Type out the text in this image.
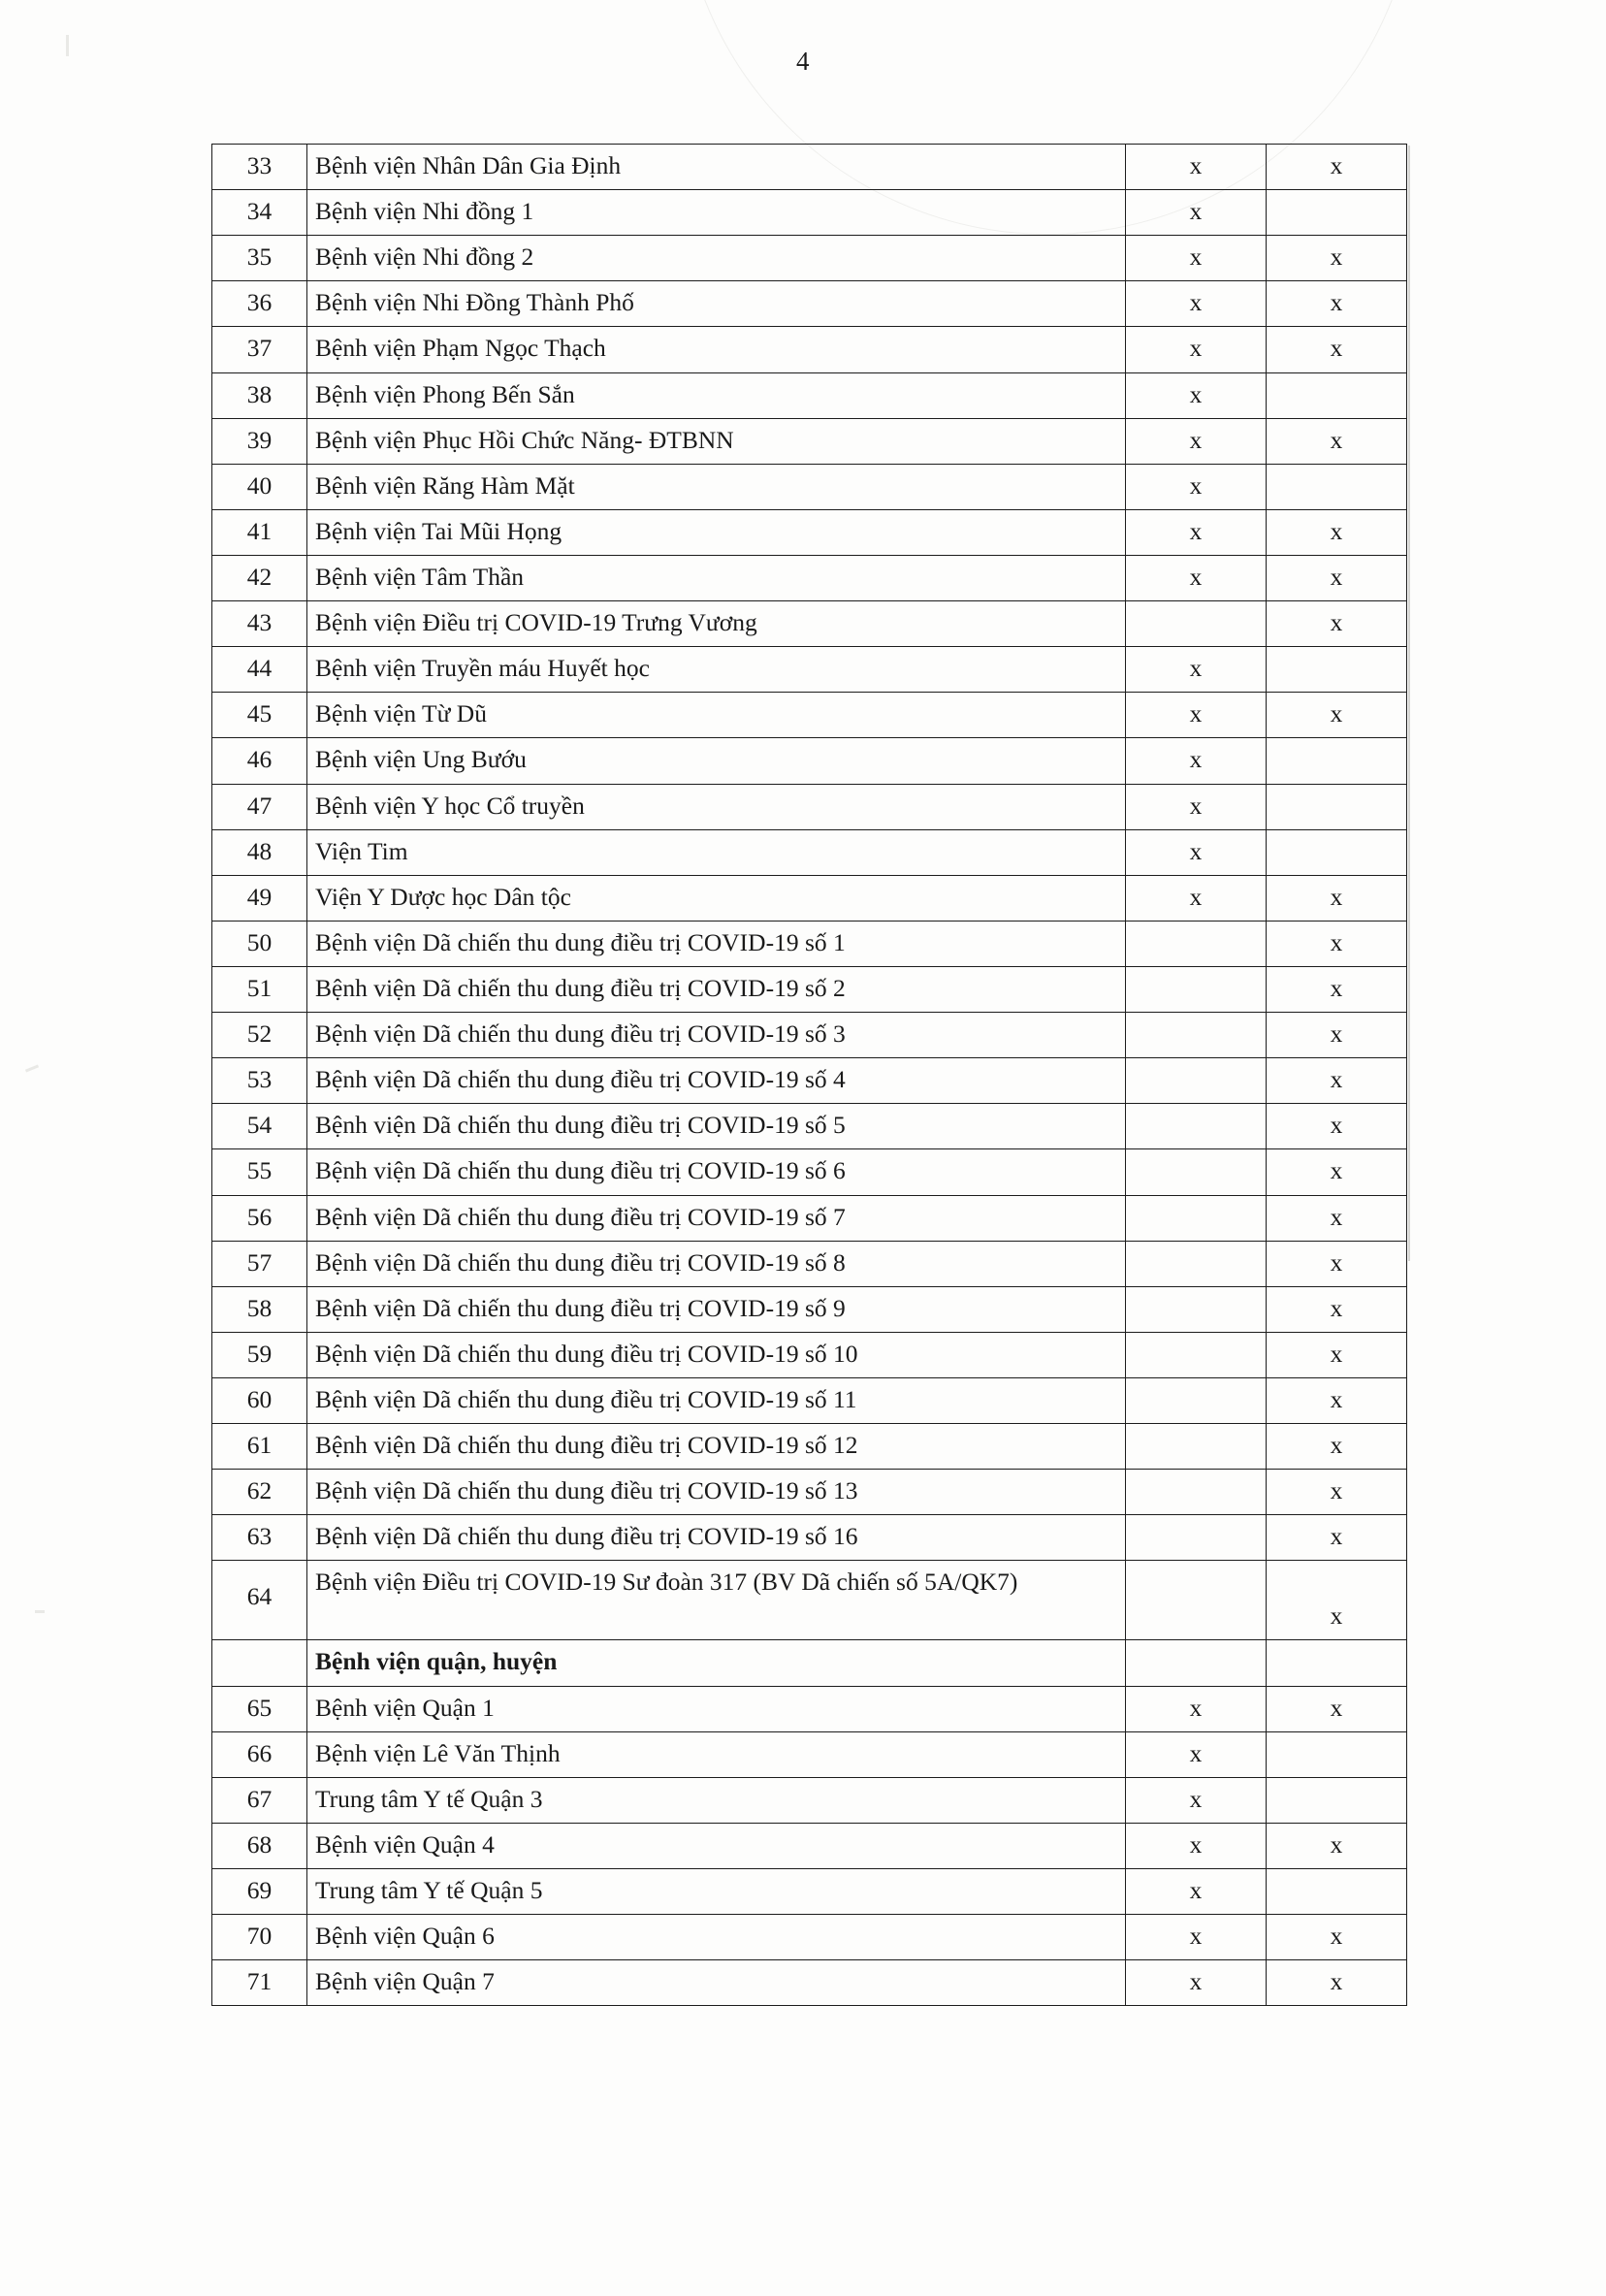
4
33	Bệnh viện Nhân Dân Gia Định	x	x
34	Bệnh viện Nhi đồng 1	x	
35	Bệnh viện Nhi đồng 2	x	x
36	Bệnh viện Nhi Đồng Thành Phố	x	x
37	Bệnh viện Phạm Ngọc Thạch	x	x
38	Bệnh viện Phong Bến Sắn	x	
39	Bệnh viện Phục Hồi Chức Năng- ĐTBNN	x	x
40	Bệnh viện Răng Hàm Mặt	x	
41	Bệnh viện Tai Mũi Họng	x	x
42	Bệnh viện Tâm Thần	x	x
43	Bệnh viện Điều trị COVID-19 Trưng Vương		x
44	Bệnh viện Truyền máu Huyết học	x	
45	Bệnh viện Từ Dũ	x	x
46	Bệnh viện Ung Bướu	x	
47	Bệnh viện Y học Cổ truyền	x	
48	Viện Tim	x	
49	Viện Y Dược học Dân tộc	x	x
50	Bệnh viện Dã chiến thu dung điều trị COVID-19 số 1		x
51	Bệnh viện Dã chiến thu dung điều trị COVID-19 số 2		x
52	Bệnh viện Dã chiến thu dung điều trị COVID-19 số 3		x
53	Bệnh viện Dã chiến thu dung điều trị COVID-19 số 4		x
54	Bệnh viện Dã chiến thu dung điều trị COVID-19 số 5		x
55	Bệnh viện Dã chiến thu dung điều trị COVID-19 số 6		x
56	Bệnh viện Dã chiến thu dung điều trị COVID-19 số 7		x
57	Bệnh viện Dã chiến thu dung điều trị COVID-19 số 8		x
58	Bệnh viện Dã chiến thu dung điều trị COVID-19 số 9		x
59	Bệnh viện Dã chiến thu dung điều trị COVID-19 số 10		x
60	Bệnh viện Dã chiến thu dung điều trị COVID-19 số 11		x
61	Bệnh viện Dã chiến thu dung điều trị COVID-19 số 12		x
62	Bệnh viện Dã chiến thu dung điều trị COVID-19 số 13		x
63	Bệnh viện Dã chiến thu dung điều trị COVID-19 số 16		x
64	Bệnh viện Điều trị COVID-19 Sư đoàn 317 (BV Dã chiến số 5A/QK7)		x
	Bệnh viện quận, huyện		
65	Bệnh viện Quận 1	x	x
66	Bệnh viện Lê Văn Thịnh	x	
67	Trung tâm Y tế Quận 3	x	
68	Bệnh viện Quận 4	x	x
69	Trung tâm Y tế Quận 5	x	
70	Bệnh viện Quận 6	x	x
71	Bệnh viện Quận 7	x	x
